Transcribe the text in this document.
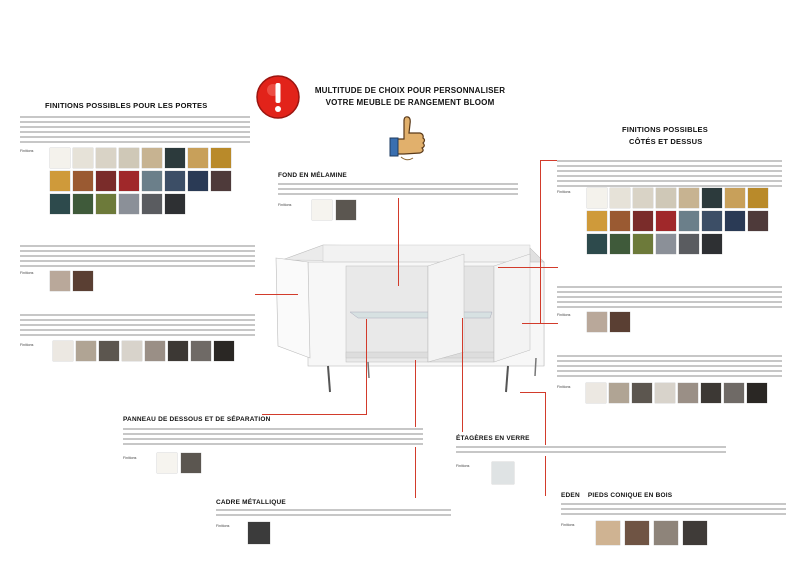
MULTITUDE DE CHOIX POUR PERSONNALISER
VOTRE MEUBLE DE RANGEMENT BLOOM
FINITIONS POSSIBLES POUR LES PORTES
Finitions
Finitions
Finitions
FOND EN MÉLAMINE
Finitions
FINITIONS POSSIBLES
CÔTÉS ET DESSUS
Finitions
Finitions
Finitions
PANNEAU DE DESSOUS ET DE SÉPARATION
Finitions
ÉTAGÈRES EN VERRE
Finitions
CADRE MÉTALLIQUE
Finitions
EDEN    PIEDS CONIQUE EN BOIS
Finitions
